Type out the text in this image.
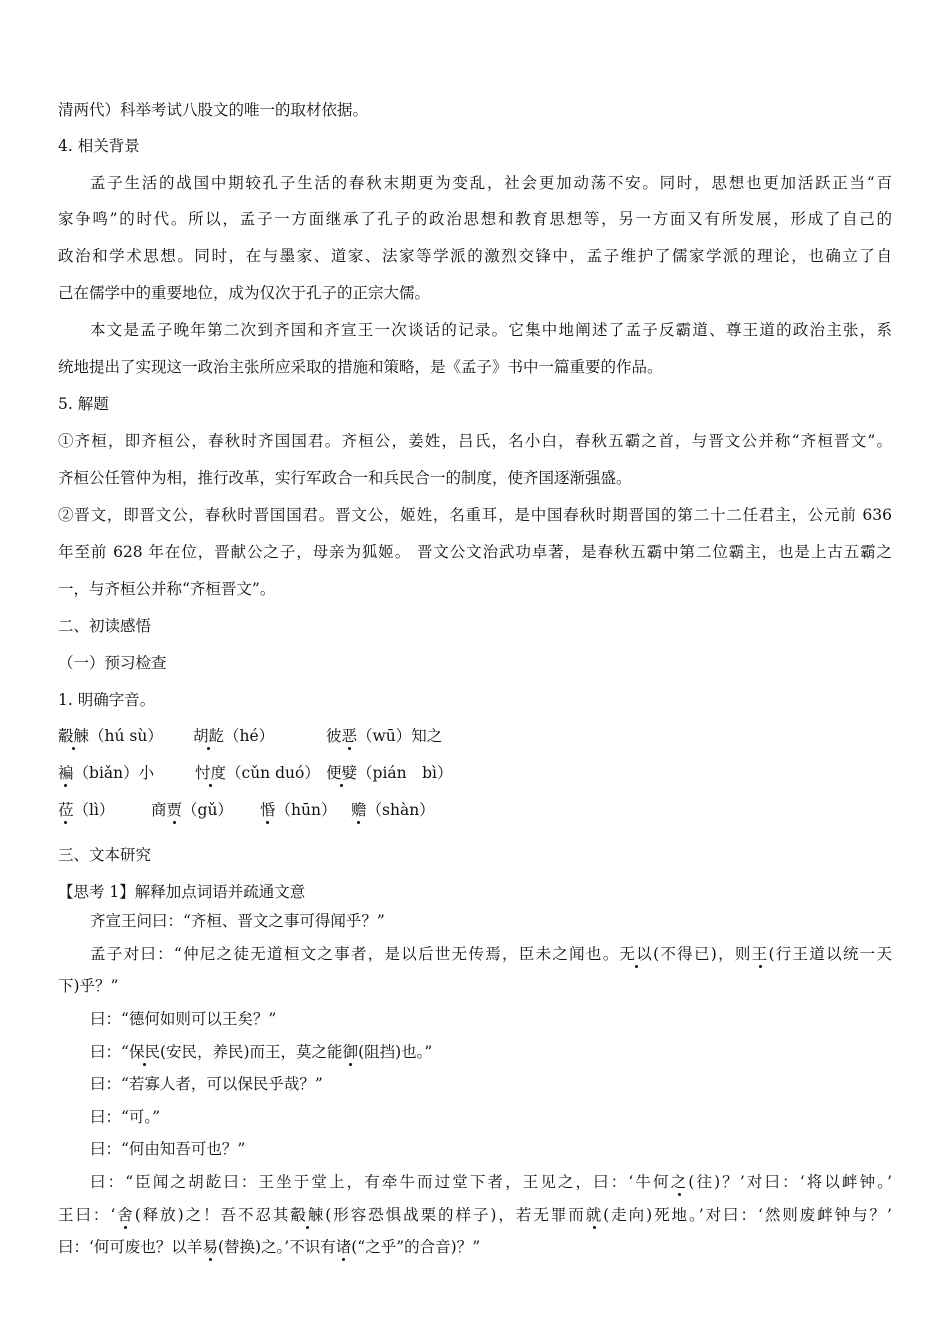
清两代）科举考试八股文的唯一的取材依据。
4. 相关背景
孟子生活的战国中期较孔子生活的春秋末期更为变乱，社会更加动荡不安。同时，思想也更加活跃正当“百
家争鸣”的时代。所以，孟子一方面继承了孔子的政治思想和教育思想等，另一方面又有所发展，形成了自己的
政治和学术思想。同时，在与墨家、道家、法家等学派的激烈交锋中，孟子维护了儒家学派的理论，也确立了自
己在儒学中的重要地位，成为仅次于孔子的正宗大儒。
本文是孟子晚年第二次到齐国和齐宣王一次谈话的记录。它集中地阐述了孟子反霸道、尊王道的政治主张，系
统地提出了实现这一政治主张所应采取的措施和策略，是《孟子》书中一篇重要的作品。
5. 解题
①齐桓，即齐桓公，春秋时齐国国君。齐桓公，姜姓，吕氏，名小白，春秋五霸之首，与晋文公并称“齐桓晋文”。
齐桓公任管仲为相，推行改革，实行军政合一和兵民合一的制度，使齐国逐渐强盛。
②晋文，即晋文公，春秋时晋国国君。晋文公，姬姓，名重耳，是中国春秋时期晋国的第二十二任君主，公元前 636
年至前 628 年在位，晋献公之子，母亲为狐姬。 晋文公文治武功卓著，是春秋五霸中第二位霸主，也是上古五霸之
一，与齐桓公并称“齐桓晋文”。
二、初读感悟
（一）预习检查
1. 明确字音。
觳觫（hú sù） 胡龁（hé）	彼恶（wū）知之
褊（biǎn）小	忖度（cǔn duó） 便嬖（pián　bì）
莅（lì） 商贾（gǔ） 惛（hūn） 赡（shàn）
三、文本研究
【思考 1】解释加点词语并疏通文意
齐宣王问曰：“齐桓、晋文之事可得闻乎？”
孟子对曰：“仲尼之徒无道桓文之事者，是以后世无传焉，臣未之闻也。无以(不得已)，则王(行王道以统一天
下)乎？”
曰：“德何如则可以王矣？”
曰：“保民(安民，养民)而王，莫之能御(阻挡)也。”
曰：“若寡人者，可以保民乎哉？”
曰：“可。”
曰：“何由知吾可也？”
曰：“臣闻之胡龁曰：王坐于堂上，有牵牛而过堂下者，王见之，曰：‘牛何之(往)？’对曰：‘将以衅钟。’
王曰：‘舍(释放)之！吾不忍其觳觫(形容恐惧战栗的样子)，若无罪而就(走向)死地。’对曰：‘然则废衅钟与？’
曰：‘何可废也？以羊易(替换)之。’不识有诸(“之乎”的合音)？”
